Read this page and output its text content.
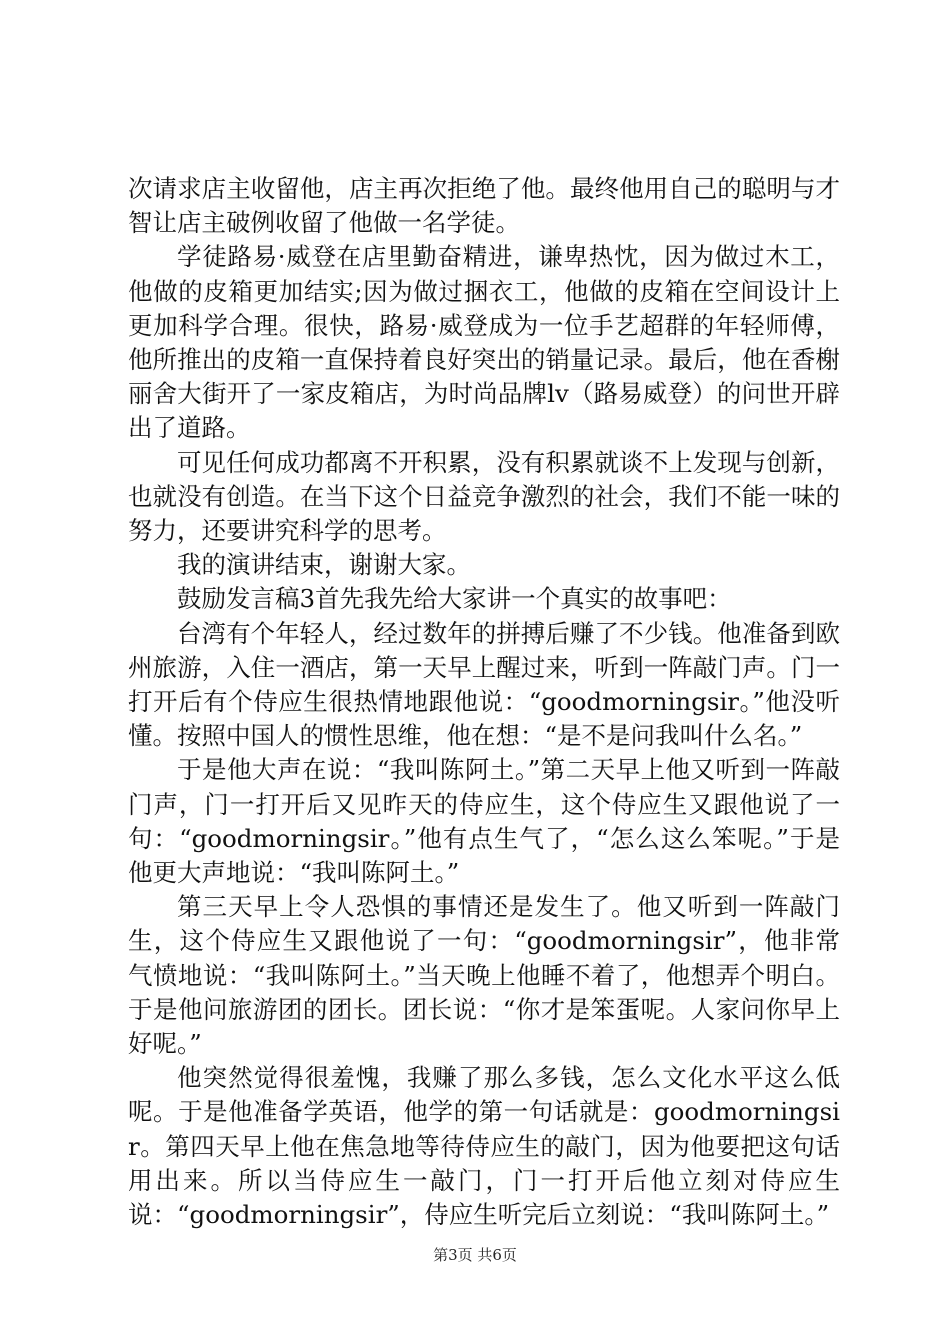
次请求店主收留他，店主再次拒绝了他。最终他用自己的聪明与才智让店主破例收留了他做一名学徒。

学徒路易·威登在店里勤奋精进，谦卑热忱，因为做过木工，他做的皮箱更加结实;因为做过捆衣工，他做的皮箱在空间设计上更加科学合理。很快，路易·威登成为一位手艺超群的年轻师傅，他所推出的皮箱一直保持着良好突出的销量记录。最后，他在香榭丽舍大街开了一家皮箱店，为时尚品牌lv（路易威登）的问世开辟出了道路。

可见任何成功都离不开积累，没有积累就谈不上发现与创新，也就没有创造。在当下这个日益竞争激烈的社会，我们不能一味的努力，还要讲究科学的思考。

我的演讲结束，谢谢大家。

鼓励发言稿3首先我先给大家讲一个真实的故事吧：

台湾有个年轻人，经过数年的拼搏后赚了不少钱。他准备到欧州旅游，入住一酒店，第一天早上醒过来，听到一阵敲门声。门一打开后有个侍应生很热情地跟他说：“goodmorningsir。”他没听懂。按照中国人的惯性思维，他在想：“是不是问我叫什么名。”

于是他大声在说：“我叫陈阿土。”第二天早上他又听到一阵敲门声，门一打开后又见昨天的侍应生，这个侍应生又跟他说了一句：“goodmorningsir。”他有点生气了，“怎么这么笨呢。”于是他更大声地说：“我叫陈阿土。”

第三天早上令人恐惧的事情还是发生了。他又听到一阵敲门生，这个侍应生又跟他说了一句：“goodmorningsir”，他非常气愤地说：“我叫陈阿土。”当天晚上他睡不着了，他想弄个明白。于是他问旅游团的团长。团长说：“你才是笨蛋呢。人家问你早上好呢。”

他突然觉得很羞愧，我赚了那么多钱，怎么文化水平这么低呢。于是他准备学英语，他学的第一句话就是：goodmorningsir。第四天早上他在焦急地等待侍应生的敲门，因为他要把这句话用出来。所以当侍应生一敲门，门一打开后他立刻对侍应生说：“goodmorningsir”，侍应生听完后立刻说：“我叫陈阿土。”

第3页 共6页
